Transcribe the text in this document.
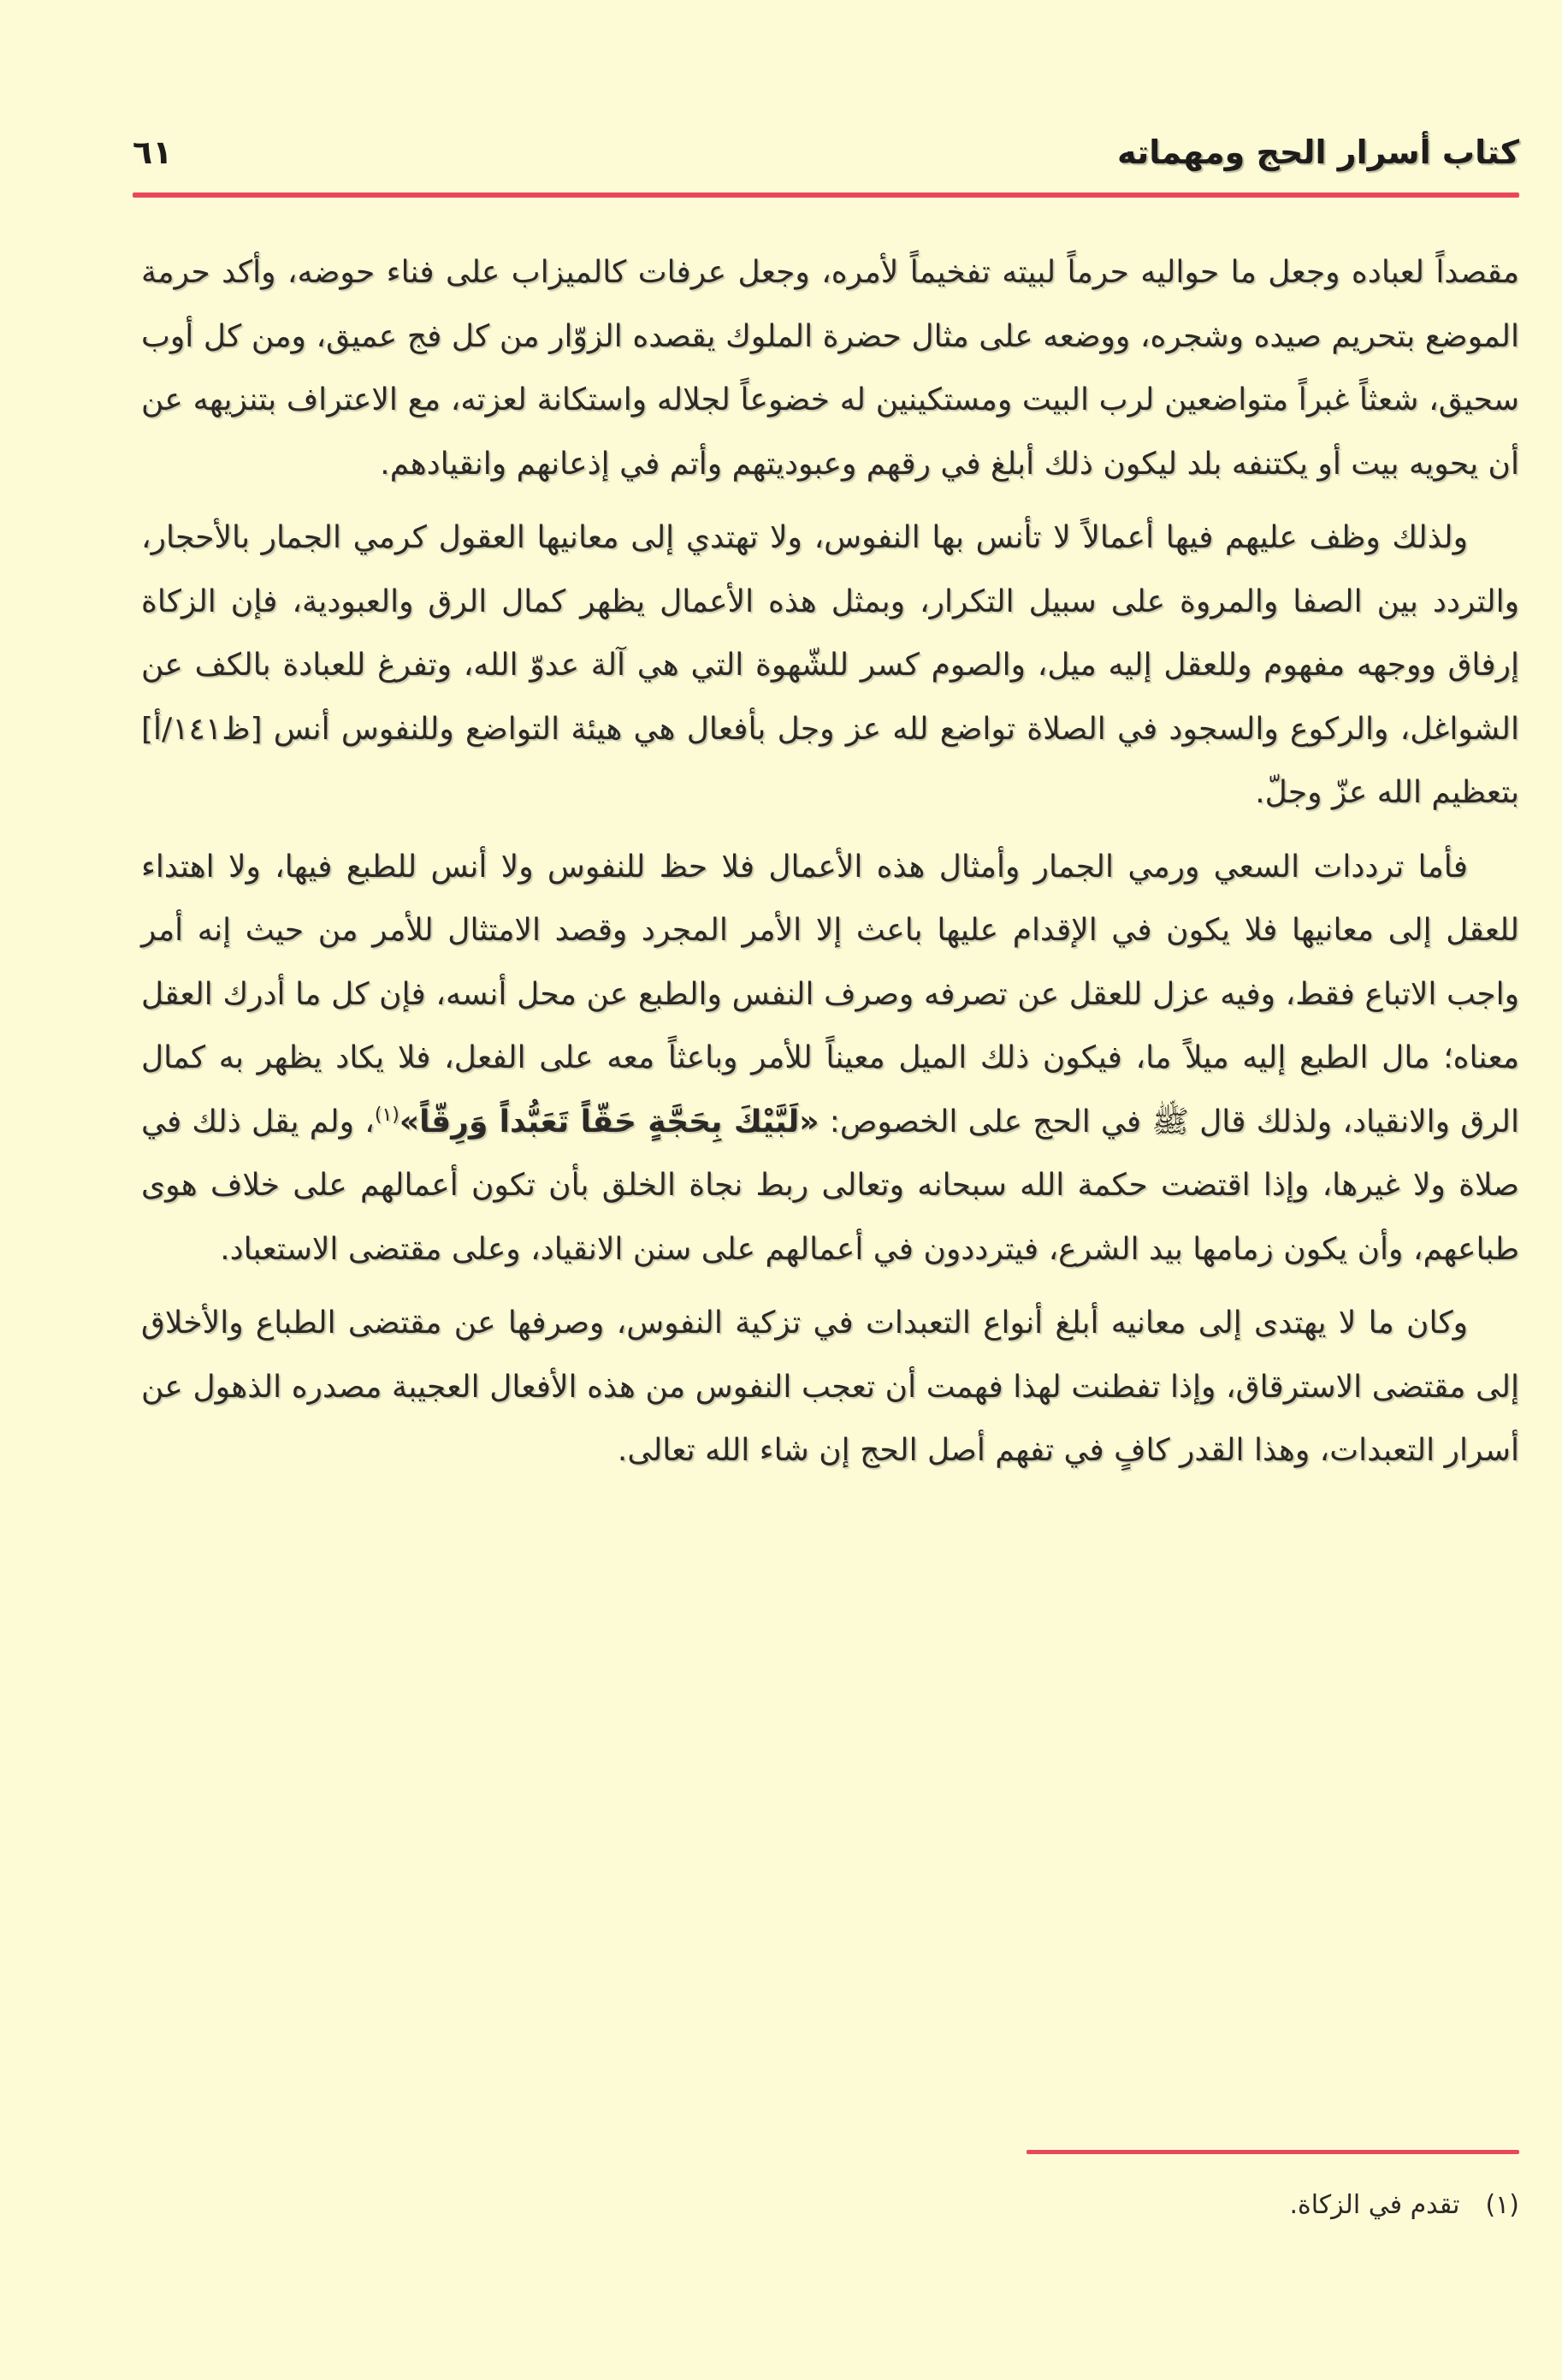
كتاب أسرار الحج ومهماته
٦١

مقصداً لعباده وجعل ما حواليه حرماً لبيته تفخيماً لأمره، وجعل عرفات كالميزاب على فناء حوضه، وأكد حرمة الموضع بتحريم صيده وشجره، ووضعه على مثال حضرة الملوك يقصده الزوّار من كل فج عميق، ومن كل أوب سحيق، شعثاً غبراً متواضعين لرب البيت ومستكينين له خضوعاً لجلاله واستكانة لعزته، مع الاعتراف بتنزيهه عن أن يحويه بيت أو يكتنفه بلد ليكون ذلك أبلغ في رقهم وعبوديتهم وأتم في إذعانهم وانقيادهم.

ولذلك وظف عليهم فيها أعمالاً لا تأنس بها النفوس، ولا تهتدي إلى معانيها العقول كرمي الجمار بالأحجار، والتردد بين الصفا والمروة على سبيل التكرار، وبمثل هذه الأعمال يظهر كمال الرق والعبودية، فإن الزكاة إرفاق ووجهه مفهوم وللعقل إليه ميل، والصوم كسر للشّهوة التي هي آلة عدوّ الله، وتفرغ للعبادة بالكف عن الشواغل، والركوع والسجود في الصلاة تواضع لله عز وجل بأفعال هي هيئة التواضع وللنفوس أنس [ظ١٤١/أ] بتعظيم الله عزّ وجلّ.

فأما ترددات السعي ورمي الجمار وأمثال هذه الأعمال فلا حظ للنفوس ولا أنس للطبع فيها، ولا اهتداء للعقل إلى معانيها فلا يكون في الإقدام عليها باعث إلا الأمر المجرد وقصد الامتثال للأمر من حيث إنه أمر واجب الاتباع فقط، وفيه عزل للعقل عن تصرفه وصرف النفس والطبع عن محل أنسه، فإن كل ما أدرك العقل معناه؛ مال الطبع إليه ميلاً ما، فيكون ذلك الميل معيناً للأمر وباعثاً معه على الفعل، فلا يكاد يظهر به كمال الرق والانقياد، ولذلك قال ﷺ في الحج على الخصوص: «لَبَّيْكَ بِحَجَّةٍ حَقّاً تَعَبُّداً وَرِقّاً»$^{(١)}$، ولم يقل ذلك في صلاة ولا غيرها، وإذا اقتضت حكمة الله سبحانه وتعالى ربط نجاة الخلق بأن تكون أعمالهم على خلاف هوى طباعهم، وأن يكون زمامها بيد الشرع، فيترددون في أعمالهم على سنن الانقياد، وعلى مقتضى الاستعباد.

وكان ما لا يهتدى إلى معانيه أبلغ أنواع التعبدات في تزكية النفوس، وصرفها عن مقتضى الطباع والأخلاق إلى مقتضى الاسترقاق، وإذا تفطنت لهذا فهمت أن تعجب النفوس من هذه الأفعال العجيبة مصدره الذهول عن أسرار التعبدات، وهذا القدر كافٍ في تفهم أصل الحج إن شاء الله تعالى.

(١)
تقدم في الزكاة.
